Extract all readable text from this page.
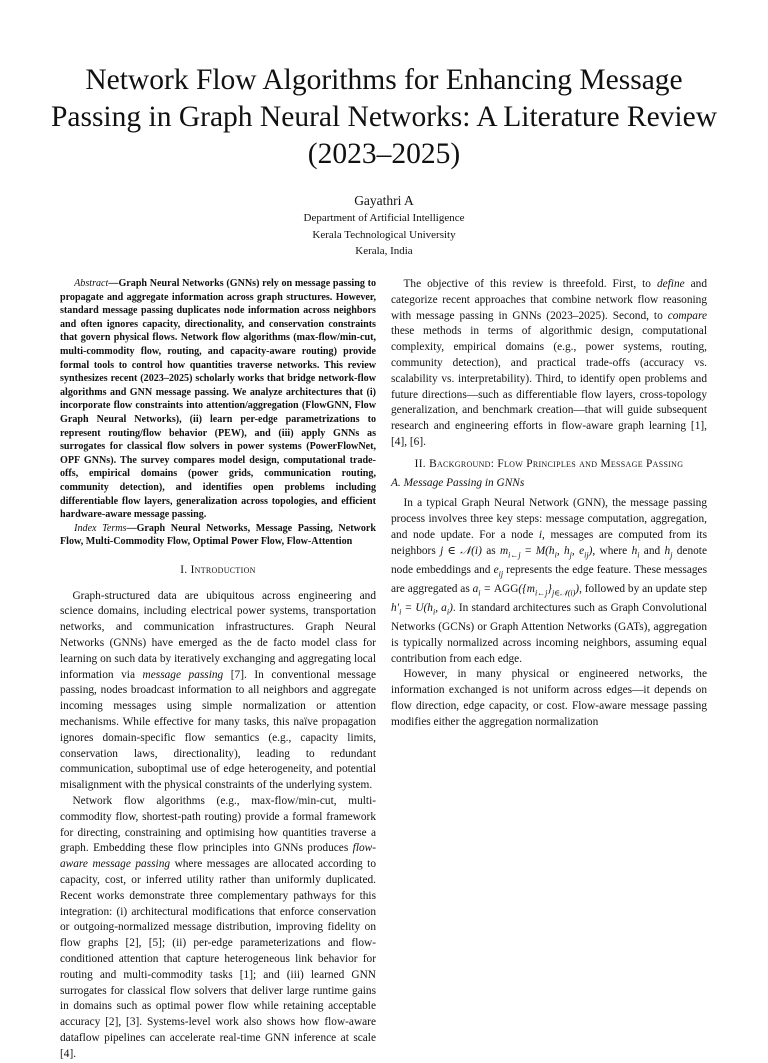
Network Flow Algorithms for Enhancing Message Passing in Graph Neural Networks: A Literature Review (2023–2025)
Gayathri A
Department of Artificial Intelligence
Kerala Technological University
Kerala, India

Abstract—Graph Neural Networks (GNNs) rely on message passing to propagate and aggregate information across graph structures. However, standard message passing duplicates node information across neighbors and often ignores capacity, directionality, and conservation constraints that govern physical flows. Network flow algorithms (max-flow/min-cut, multi-commodity flow, routing, and capacity-aware routing) provide formal tools to control how quantities traverse networks. This review synthesizes recent (2023–2025) scholarly works that bridge network-flow algorithms and GNN message passing. We analyze architectures that (i) incorporate flow constraints into attention/aggregation (FlowGNN, Flow Graph Neural Networks), (ii) learn per-edge parametrizations to represent routing/flow behavior (PEW), and (iii) apply GNNs as surrogates for classical flow solvers in power systems (PowerFlowNet, OPF GNNs). The survey compares model design, computational trade-offs, empirical domains (power grids, communication routing, community detection), and identifies open problems including differentiable flow layers, generalization across topologies, and efficient hardware-aware message passing.

Index Terms—Graph Neural Networks, Message Passing, Network Flow, Multi-Commodity Flow, Optimal Power Flow, Flow-Attention

I. Introduction

Graph-structured data are ubiquitous across engineering and science domains, including electrical power systems, transportation networks, and communication infrastructures. Graph Neural Networks (GNNs) have emerged as the de facto model class for learning on such data by iteratively exchanging and aggregating local information via message passing [7]. In conventional message passing, nodes broadcast information to all neighbors and aggregate incoming messages using simple normalization or attention mechanisms. While effective for many tasks, this naïve propagation ignores domain-specific flow semantics (e.g., capacity limits, conservation laws, directionality), leading to redundant communication, suboptimal use of edge heterogeneity, and potential misalignment with the physical constraints of the underlying system.

Network flow algorithms (e.g., max-flow/min-cut, multi-commodity flow, shortest-path routing) provide a formal framework for directing, constraining and optimising how quantities traverse a graph. Embedding these flow principles into GNNs produces flow-aware message passing where messages are allocated according to capacity, cost, or inferred utility rather than uniformly duplicated. Recent works demonstrate three complementary pathways for this integration: (i) architectural modifications that enforce conservation or outgoing-normalized message distribution, improving fidelity on flow graphs [2], [5]; (ii) per-edge parameterizations and flow-conditioned attention that capture heterogeneous link behavior for routing and multi-commodity tasks [1]; and (iii) learned GNN surrogates for classical flow solvers that deliver large runtime gains in domains such as optimal power flow while retaining acceptable accuracy [2], [3]. Systems-level work also shows how flow-aware dataflow pipelines can accelerate real-time GNN inference at scale [4].

The objective of this review is threefold. First, to define and categorize recent approaches that combine network flow reasoning with message passing in GNNs (2023–2025). Second, to compare these methods in terms of algorithmic design, computational complexity, empirical domains (e.g., power systems, routing, community detection), and practical trade-offs (accuracy vs. scalability vs. interpretability). Third, to identify open problems and future directions—such as differentiable flow layers, cross-topology generalization, and benchmark creation—that will guide subsequent research and engineering efforts in flow-aware graph learning [1], [4], [6].

II. Background: Flow Principles and Message Passing

A. Message Passing in GNNs

In a typical Graph Neural Network (GNN), the message passing process involves three key steps: message computation, aggregation, and node update. For a node i, messages are computed from its neighbors j ∈ 𝒩(i) as $m_{i\leftarrow j} = M(h_i$, $h_j$, $e_{ij}$), where $h_i$ and $h_j$ denote node embeddings and $e_{ij}$ represents the edge feature. These messages are aggregated as $a_i = AGG(\{m_{i\leftarrow j}\}_{j\in 𝒩(i)})$, followed by an update step $h'_i = U(h_i$, $a_i$). In standard architectures such as Graph Convolutional Networks (GCNs) or Graph Attention Networks (GATs), aggregation is typically normalized across incoming neighbors, assuming equal contribution from each edge.

However, in many physical or engineered networks, the information exchanged is not uniform across edges—it depends on flow direction, edge capacity, or cost. Flow-aware message passing modifies either the aggregation normalization
